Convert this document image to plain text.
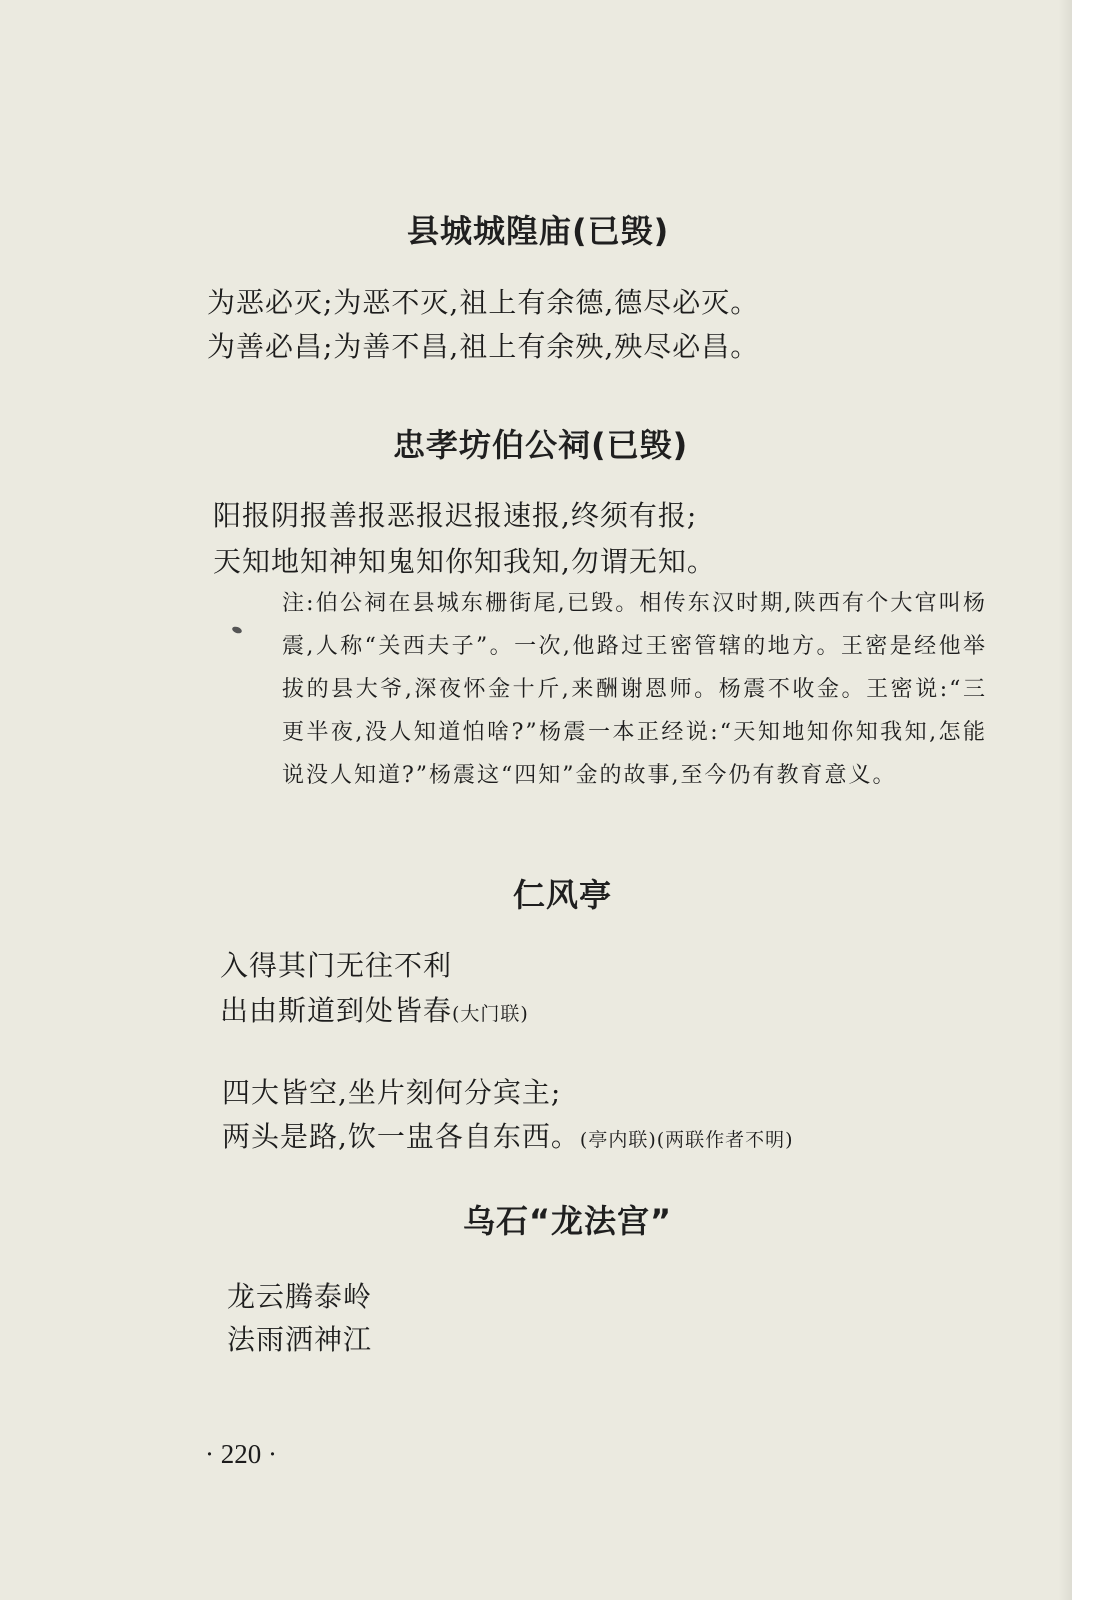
县城城隍庙(已毁)
为恶必灭;为恶不灭,祖上有余德,德尽必灭。
为善必昌;为善不昌,祖上有余殃,殃尽必昌。
忠孝坊伯公祠(已毁)
阳报阴报善报恶报迟报速报,终须有报;
天知地知神知鬼知你知我知,勿谓无知。
注:伯公祠在县城东栅街尾,已毁。相传东汉时期,陕西有个大官叫杨震,人称“关西夫子”。一次,他路过王密管辖的地方。王密是经他举拔的县大爷,深夜怀金十斤,来酬谢恩师。杨震不收金。王密说:“三更半夜,没人知道怕啥?”杨震一本正经说:“天知地知你知我知,怎能说没人知道?”杨震这“四知”金的故事,至今仍有教育意义。
仁风亭
入得其门无往不利
出由斯道到处皆春(大门联)
四大皆空,坐片刻何分宾主;
两头是路,饮一盅各自东西。(亭内联)(两联作者不明)
乌石“龙法宫”
龙云腾泰岭
法雨洒神江
· 220 ·
